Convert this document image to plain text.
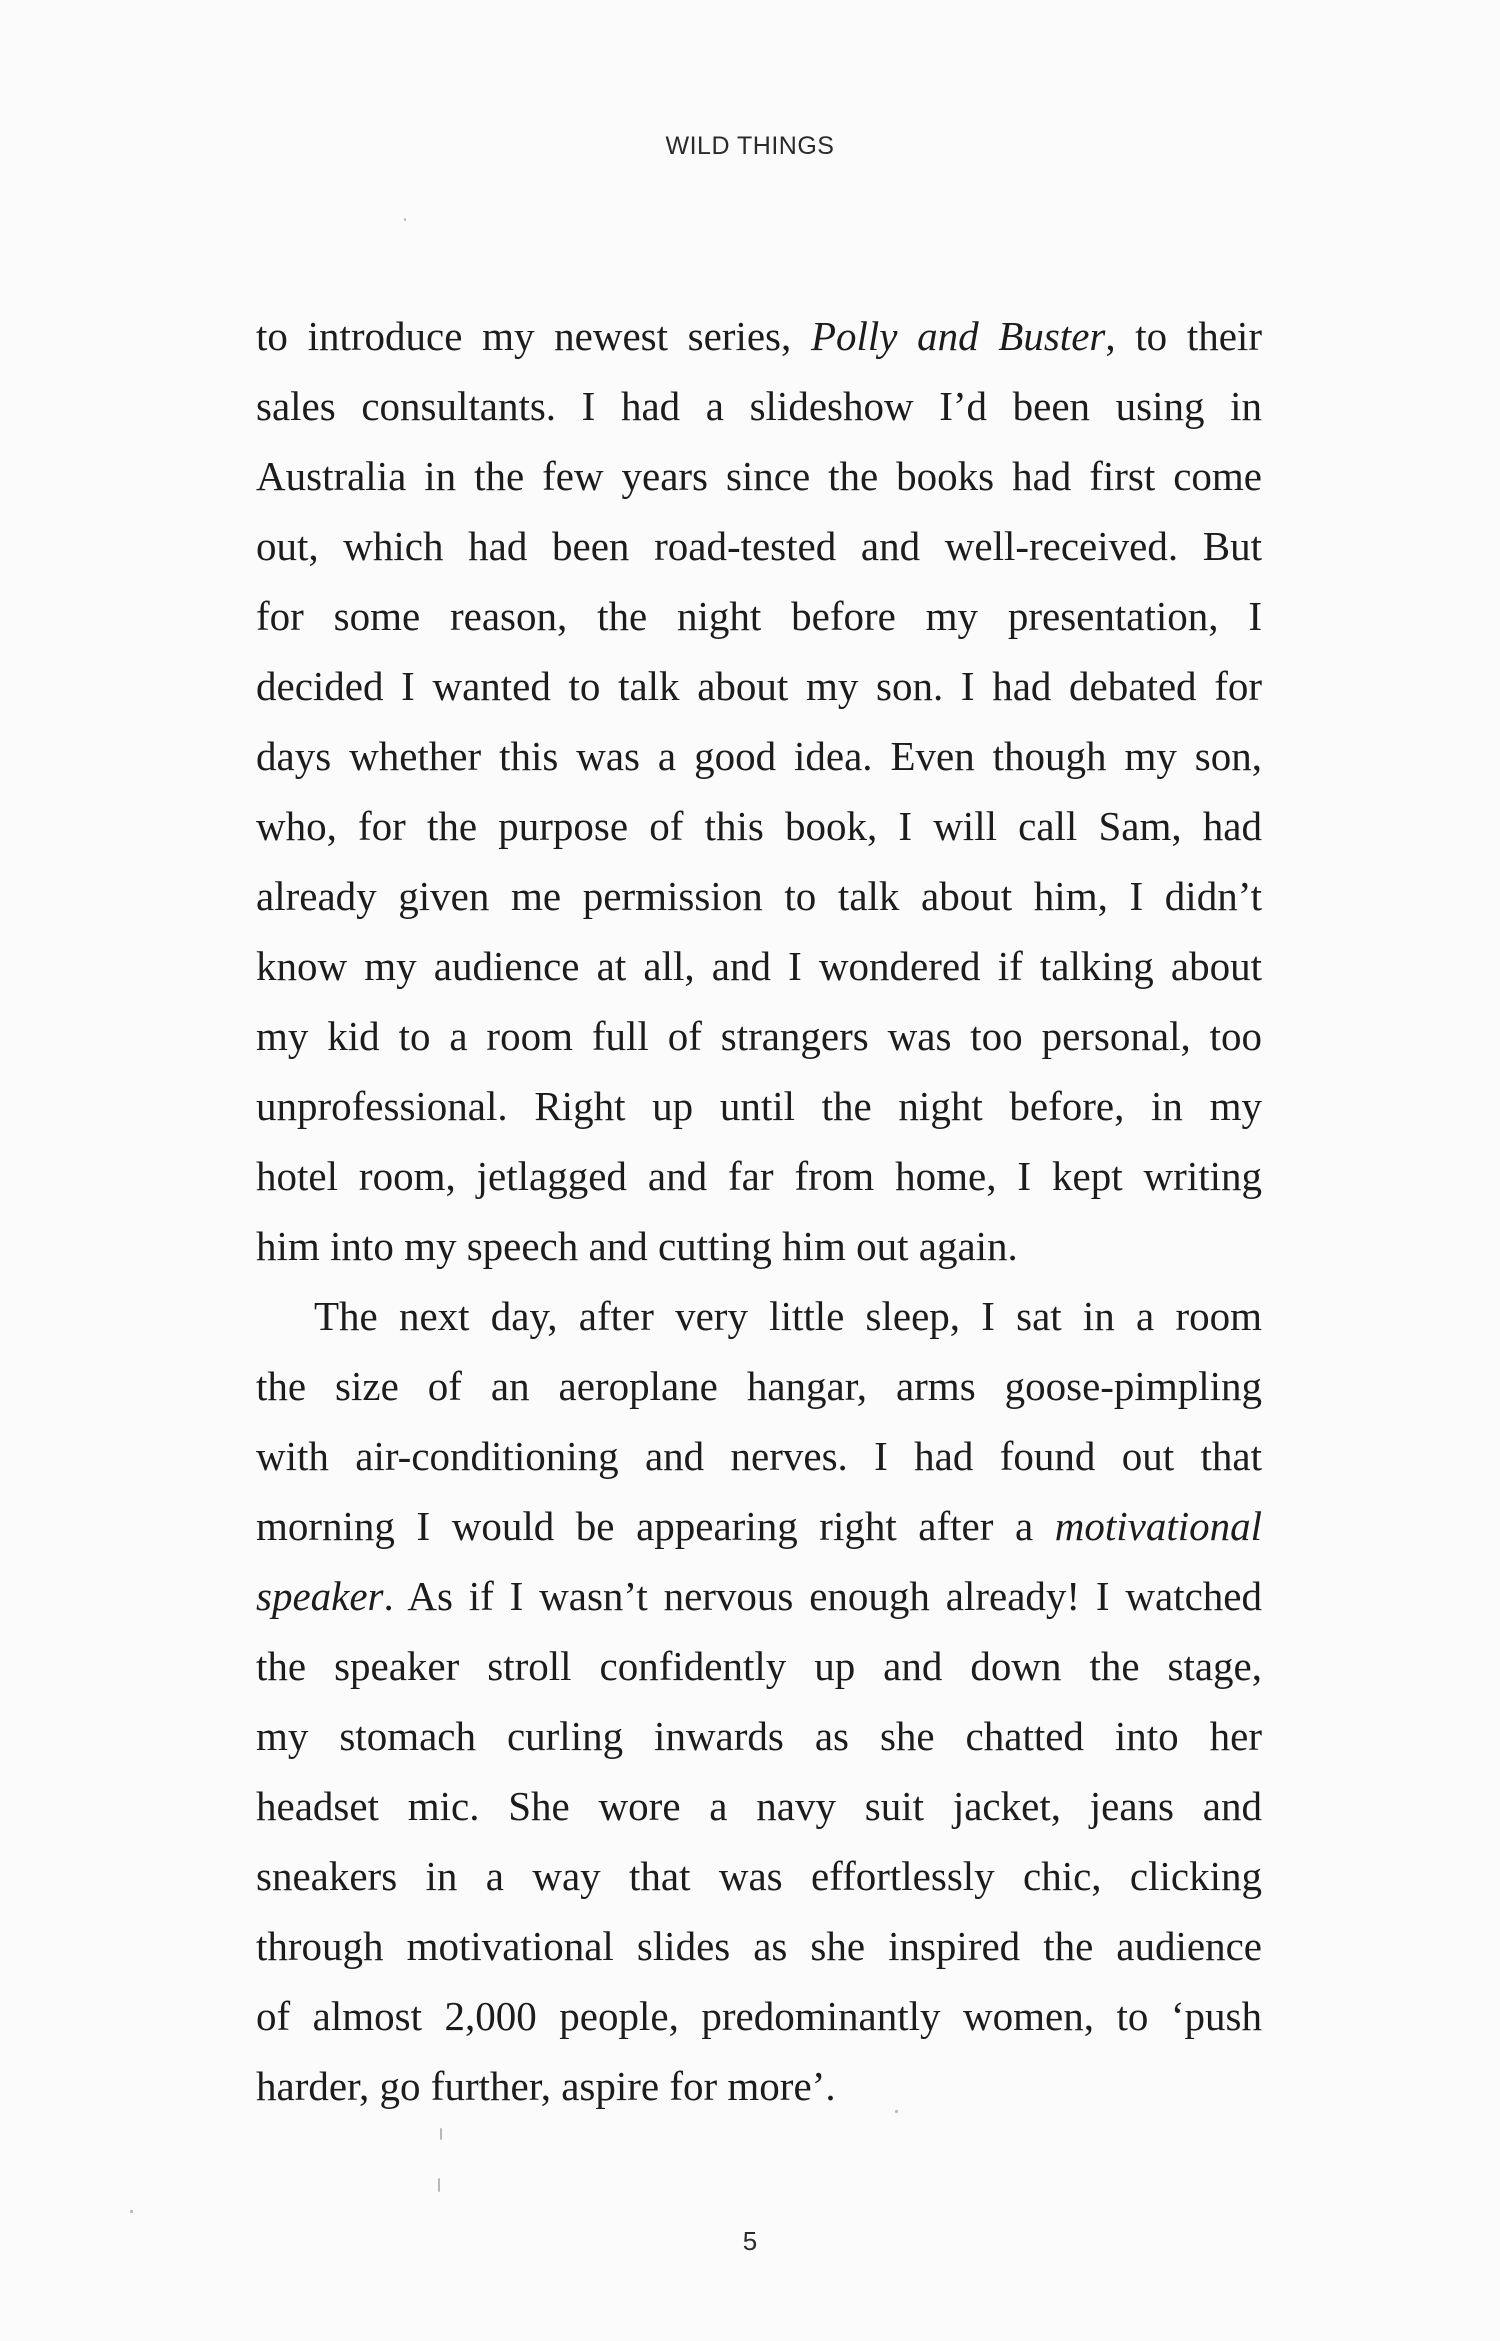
WILD THINGS
to introduce my newest series, Polly and Buster, to their
sales consultants. I had a slideshow I’d been using in
Australia in the few years since the books had first come
out, which had been road-tested and well-received. But
for some reason, the night before my presentation, I
decided I wanted to talk about my son. I had debated for
days whether this was a good idea. Even though my son,
who, for the purpose of this book, I will call Sam, had
already given me permission to talk about him, I didn’t
know my audience at all, and I wondered if talking about
my kid to a room full of strangers was too personal, too
unprofessional. Right up until the night before, in my
hotel room, jetlagged and far from home, I kept writing
him into my speech and cutting him out again.
The next day, after very little sleep, I sat in a room
the size of an aeroplane hangar, arms goose-pimpling
with air-conditioning and nerves. I had found out that
morning I would be appearing right after a motivational
speaker. As if I wasn’t nervous enough already! I watched
the speaker stroll confidently up and down the stage,
my stomach curling inwards as she chatted into her
headset mic. She wore a navy suit jacket, jeans and
sneakers in a way that was effortlessly chic, clicking
through motivational slides as she inspired the audience
of almost 2,000 people, predominantly women, to ‘push
harder, go further, aspire for more’.
5
